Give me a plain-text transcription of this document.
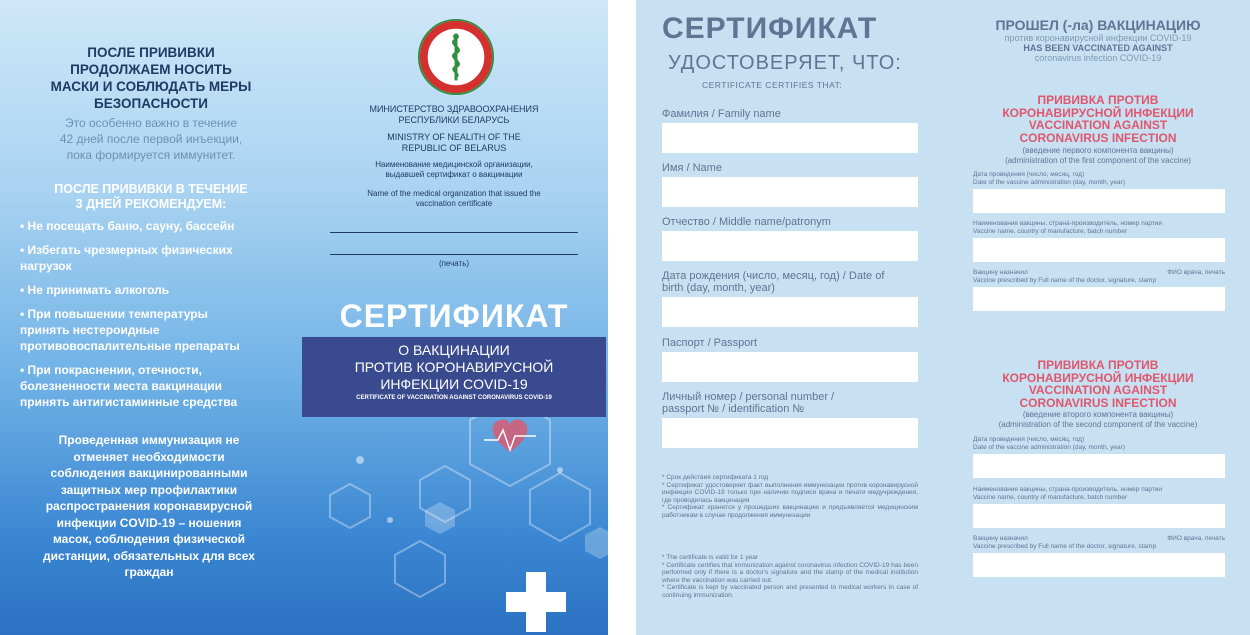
ПОСЛЕ ПРИВИВКИ
ПРОДОЛЖАЕМ НОСИТЬ
МАСКИ И СОБЛЮДАТЬ МЕРЫ
БЕЗОПАСНОСТИ
Это особенно важно в течение
42 дней после первой инъекции,
пока формируется иммунитет.
ПОСЛЕ ПРИВИВКИ В ТЕЧЕНИЕ
3 ДНЕЙ РЕКОМЕНДУЕМ:
• Не посещать баню, сауну, бассейн
• Избегать чрезмерных физических
нагрузок
• Не принимать алкоголь
• При повышении температуры
принять нестероидные
противовоспалительные препараты
• При покраснении, отечности,
болезненности места вакцинации
принять антигистаминные средства
Проведенная иммунизация не
отменяет необходимости
соблюдения вакцинированными
защитных мер профилактики
распространения коронавирусной
инфекции COVID-19 – ношения
масок, соблюдения физической
дистанции, обязательных для всех
граждан
МИНИСТЕРСТВО ЗДРАВООХРАНЕНИЯ
РЕСПУБЛИКИ БЕЛАРУСЬ
MINISTRY OF NEALITH OF THE
REPUBLIC OF BELARUS
Наименование медицинской организации,
выдавшей сертификат о вакцинации
Name of the medical organization that issued the
vaccination certificate
(печать)
СЕРТИФИКАТ
О ВАКЦИНАЦИИ
ПРОТИВ КОРОНАВИРУСНОЙ
ИНФЕКЦИИ COVID-19
CERTIFICATE OF VACCINATION AGAINST CORONAVIRUS COVID-19
СЕРТИФИКАТ
УДОСТОВЕРЯЕТ, ЧТО:
CERTIFICATE CERTIFIES THAT:
Фамилия / Family name
Имя / Name
Отчество / Middle name/patronym
Дата рождения (число, месяц, год) / Date of
birth (day, month, year)
Паспорт / Passport
Личный номер / personal number /
passport № / identification №
* Срок действия сертификата 1 год
* Сертификат удостоверяет факт выполнения иммунизации против коронавирусной инфекции COVID-19 только при наличии подписи врача и печати медучреждения, где проводилась вакцинация
* Сертификат хранится у прошедших вакцинацию и предъявляется медицинским работникам в случае продолжения иммунизации
* The certificate is valid for 1 year
* Certificate certifies that immunization against coronavirus infection COVID-19 has been performed only if there is a doctor's signature and the stamp of the medical institution where the vaccination was carried out.
* Certificate is kept by vaccinated person and presented to medical workers in case of continuing immunization.
ПРОШЕЛ (-ла) ВАКЦИНАЦИЮ
против коронавирусной инфекции COVID-19
HAS BEEN VACCINATED AGAINST
coronavirus infection COVID-19
ПРИВИВКА ПРОТИВ
КОРОНАВИРУСНОЙ ИНФЕКЦИИ
VACCINATION AGAINST
CORONAVIRUS INFECTION
(введение первого компонента вакцины)
(administration of the first component of the vaccine)
Дата проведения (число, месяц, год)
Date of the vaccine administration (day, month, year)
Наименование вакцины, страна-производитель, номер партии
Vaccine name, country of manufacture, batch number
Вакцину назначил	ФИО врача, печать
Vaccine prescribed by Full name of the doctor, signature, stamp
ПРИВИВКА ПРОТИВ
КОРОНАВИРУСНОЙ ИНФЕКЦИИ
VACCINATION AGAINST
CORONAVIRUS INFECTION
(введение второго компонента вакцины)
(administration of the second component of the vaccine)
Дата проведения (число, месяц, год)
Date of the vaccine administration (day, month, year)
Наименование вакцины, страна-производитель, номер партии
Vaccine name, country of manufacture, batch number
Вакцину назначил	ФИО врача, печать
Vaccine prescribed by Full name of the doctor, signature, stamp
